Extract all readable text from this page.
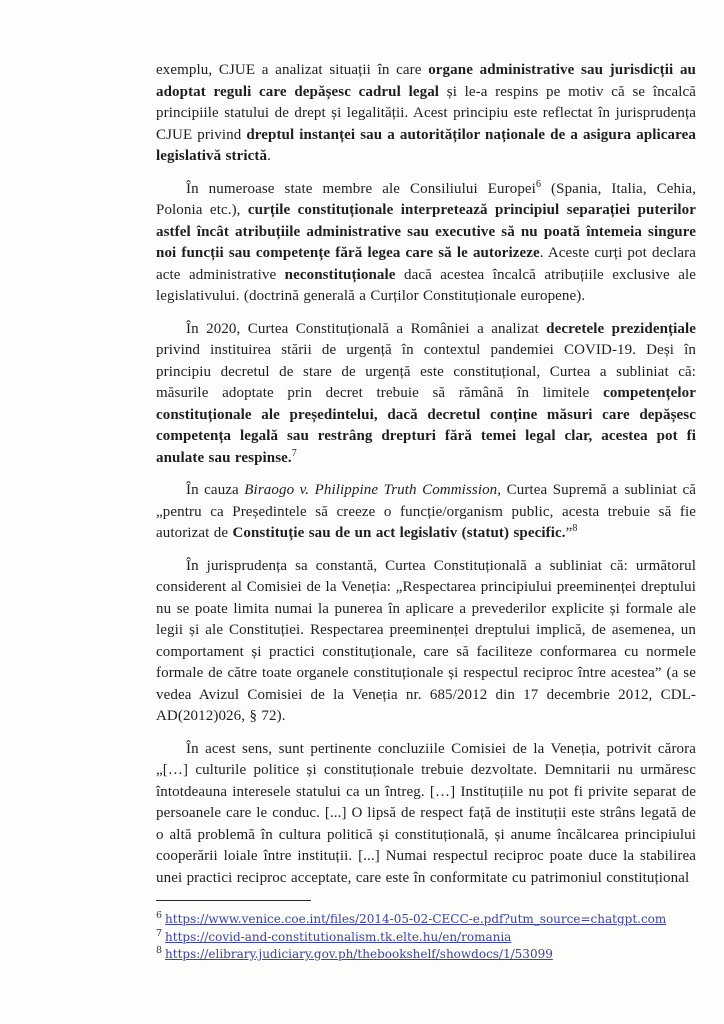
exemplu, CJUE a analizat situații în care organe administrative sau jurisdicții au adoptat reguli care depășesc cadrul legal și le-a respins pe motiv că se încalcă principiile statului de drept și legalității. Acest principiu este reflectat în jurisprudența CJUE privind dreptul instanței sau a autorităților naționale de a asigura aplicarea legislativă strictă.

În numeroase state membre ale Consiliului Europei$^6$ (Spania, Italia, Cehia, Polonia etc.), curțile constituționale interpretează principiul separației puterilor astfel încât atribuțiile administrative sau executive să nu poată întemeia singure noi funcții sau competențe fără legea care să le autorizeze. Aceste curți pot declara acte administrative neconstituționale dacă acestea încalcă atribuțiile exclusive ale legislativului. (doctrină generală a Curților Constituționale europene).

În 2020, Curtea Constituțională a României a analizat decretele prezidențiale privind instituirea stării de urgență în contextul pandemiei COVID-19. Deși în principiu decretul de stare de urgență este constituțional, Curtea a subliniat că: măsurile adoptate prin decret trebuie să rămână în limitele competențelor constituționale ale președintelui, dacă decretul conține măsuri care depășesc competența legală sau restrâng drepturi fără temei legal clar, acestea pot fi anulate sau respinse.$^7$

În cauza Biraogo v. Philippine Truth Commission, Curtea Supremă a subliniat că „pentru ca Președintele să creeze o funcție/organism public, acesta trebuie să fie autorizat de Constituție sau de un act legislativ (statut) specific.”$^8$

În jurisprudența sa constantă, Curtea Constituțională a subliniat că: următorul considerent al Comisiei de la Veneția: „Respectarea principiului preeminenței dreptului nu se poate limita numai la punerea în aplicare a prevederilor explicite și formale ale legii și ale Constituției. Respectarea preeminenței dreptului implică, de asemenea, un comportament și practici constituționale, care să faciliteze conformarea cu normele formale de către toate organele constituționale și respectul reciproc între acestea” (a se vedea Avizul Comisiei de la Veneția nr. 685/2012 din 17 decembrie 2012, CDL-AD(2012)026, § 72).

În acest sens, sunt pertinente concluziile Comisiei de la Veneția, potrivit cărora „[…] culturile politice și constituționale trebuie dezvoltate. Demnitarii nu urmăresc întotdeauna interesele statului ca un întreg. […] Instituțiile nu pot fi privite separat de persoanele care le conduc. [...] O lipsă de respect față de instituții este strâns legată de o altă problemă în cultura politică și constituțională, și anume încălcarea principiului cooperării loiale între instituții. [...] Numai respectul reciproc poate duce la stabilirea unei practici reciproc acceptate, care este în conformitate cu patrimoniul constituțional

$^6$ https://www.venice.coe.int/files/2014-05-02-CECC-e.pdf?utm_source=chatgpt.com
$^7$ https://covid-and-constitutionalism.tk.elte.hu/en/romania
$^8$ https://elibrary.judiciary.gov.ph/thebookshelf/showdocs/1/53099
